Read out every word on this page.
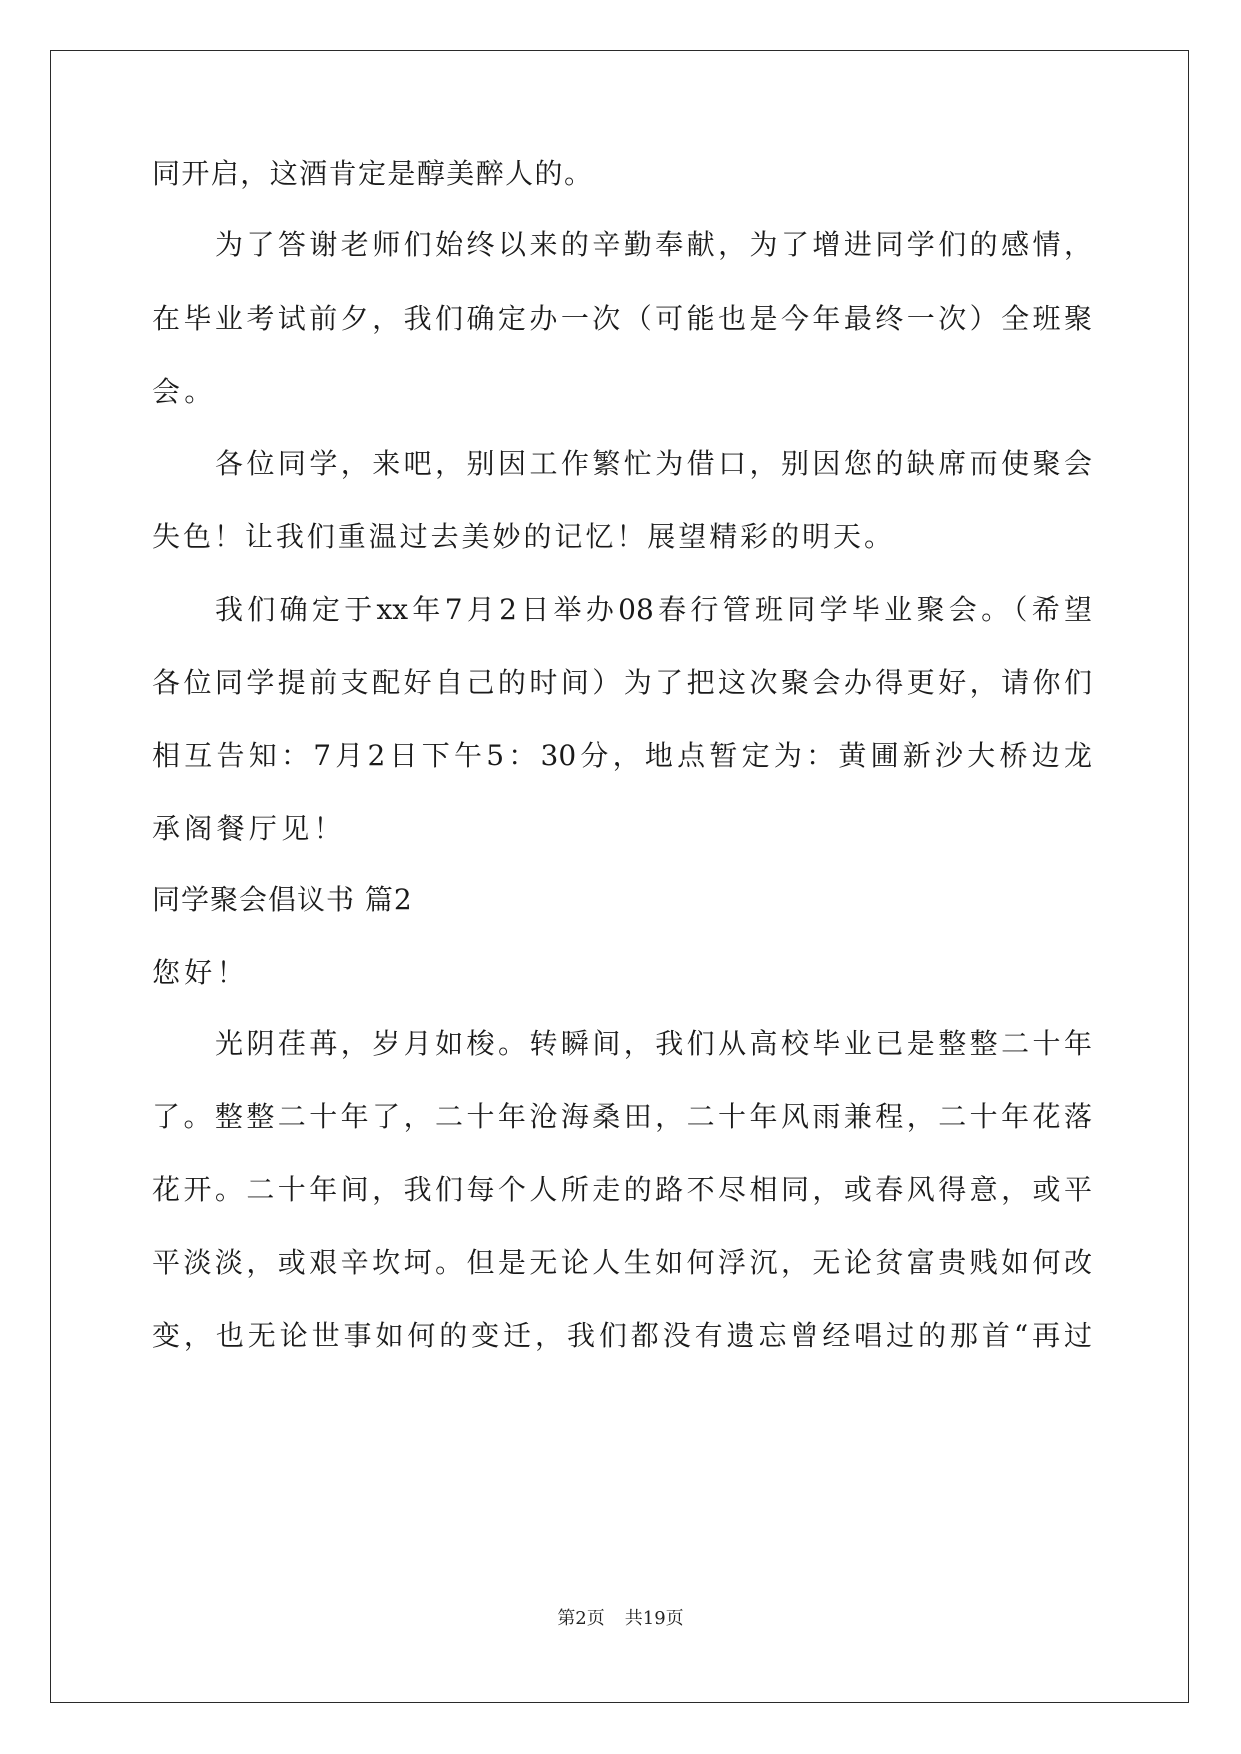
同开启，这酒肯定是醇美醉人的。
为了答谢老师们始终以来的辛勤奉献，为了增进同学们的感情，
在毕业考试前夕，我们确定办一次（可能也是今年最终一次）全班聚
会。
各位同学，来吧，别因工作繁忙为借口，别因您的缺席而使聚会
失色！让我们重温过去美妙的记忆！展望精彩的明天。
我们确定于xx年7月2日举办08春行管班同学毕业聚会。（希望
各位同学提前支配好自己的时间）为了把这次聚会办得更好，请你们
相互告知：7月2日下午5：30分，地点暂定为：黄圃新沙大桥边龙
承阁餐厅见！
同学聚会倡议书 篇2
您好！
光阴荏苒，岁月如梭。转瞬间，我们从高校毕业已是整整二十年
了。整整二十年了，二十年沧海桑田，二十年风雨兼程，二十年花落
花开。二十年间，我们每个人所走的路不尽相同，或春风得意，或平
平淡淡，或艰辛坎坷。但是无论人生如何浮沉，无论贫富贵贱如何改
变，也无论世事如何的变迁，我们都没有遗忘曾经唱过的那首“再过
第2页 共19页
